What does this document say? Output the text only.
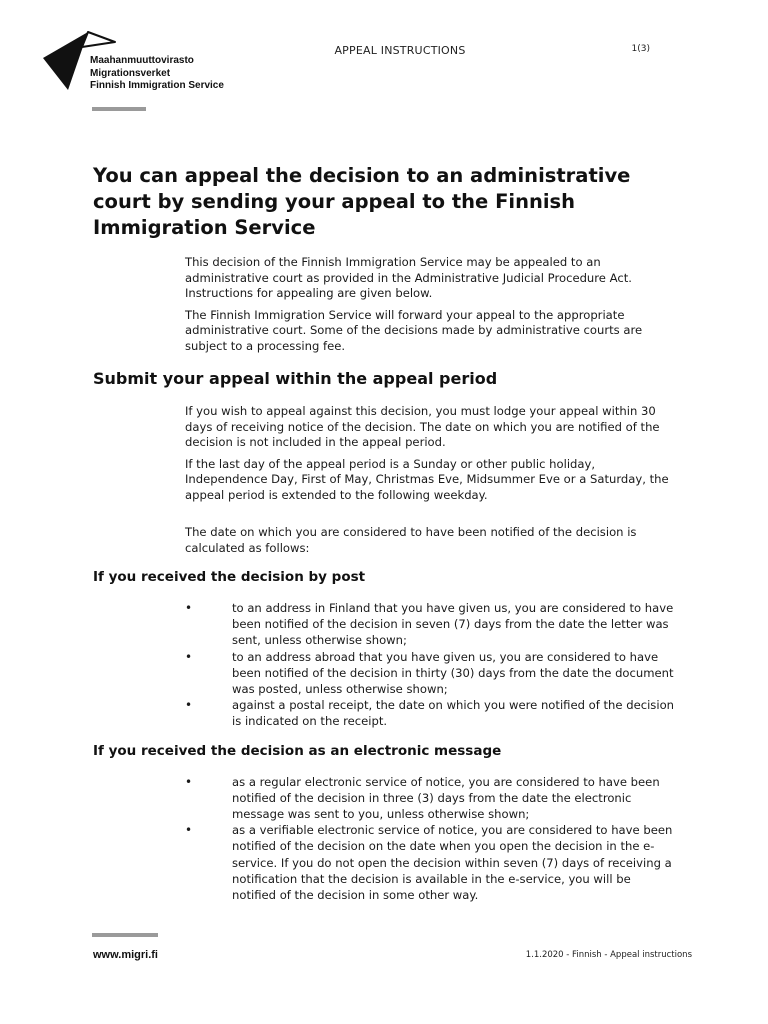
Maahanmuuttovirasto
Migrationsverket
Finnish Immigration Service
APPEAL INSTRUCTIONS	1(3)
You can appeal the decision to an administrative court by sending your appeal to the Finnish Immigration Service

This decision of the Finnish Immigration Service may be appealed to an administrative court as provided in the Administrative Judicial Procedure Act. Instructions for appealing are given below.

The Finnish Immigration Service will forward your appeal to the appropriate administrative court. Some of the decisions made by administrative courts are subject to a processing fee.

Submit your appeal within the appeal period

If you wish to appeal against this decision, you must lodge your appeal within 30 days of receiving notice of the decision. The date on which you are notified of the decision is not included in the appeal period.

If the last day of the appeal period is a Sunday or other public holiday, Independence Day, First of May, Christmas Eve, Midsummer Eve or a Saturday, the appeal period is extended to the following weekday.

The date on which you are considered to have been notified of the decision is calculated as follows:

If you received the decision by post
•	to an address in Finland that you have given us, you are considered to have been notified of the decision in seven (7) days from the date the letter was sent, unless otherwise shown;
•	to an address abroad that you have given us, you are considered to have been notified of the decision in thirty (30) days from the date the document was posted, unless otherwise shown;
•	against a postal receipt, the date on which you were notified of the decision is indicated on the receipt.
If you received the decision as an electronic message
•	as a regular electronic service of notice, you are considered to have been notified of the decision in three (3) days from the date the electronic message was sent to you, unless otherwise shown;
•	as a verifiable electronic service of notice, you are considered to have been notified of the decision on the date when you open the decision in the e-service. If you do not open the decision within seven (7) days of receiving a notification that the decision is available in the e-service, you will be notified of the decision in some other way.
www.migri.fi	1.1.2020 - Finnish - Appeal instructions
